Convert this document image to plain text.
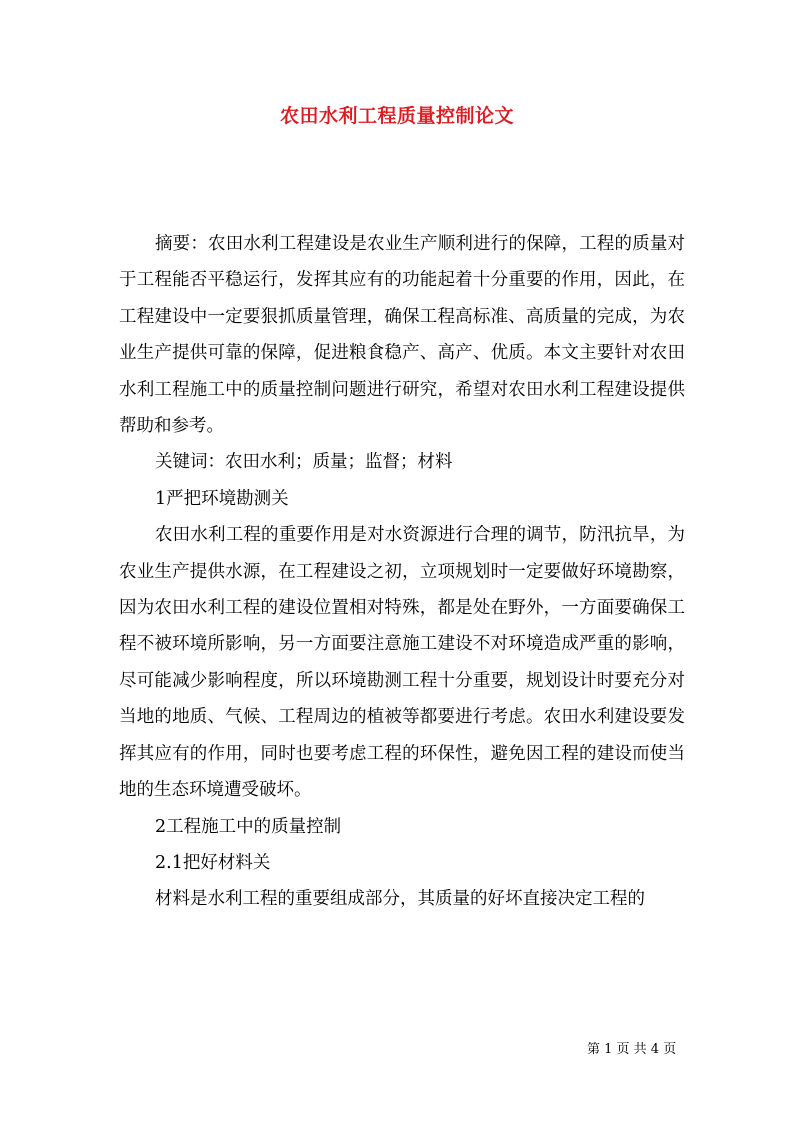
农田水利工程质量控制论文

摘要：农田水利工程建设是农业生产顺利进行的保障，工程的质量对于工程能否平稳运行，发挥其应有的功能起着十分重要的作用，因此，在工程建设中一定要狠抓质量管理，确保工程高标准、高质量的完成，为农业生产提供可靠的保障，促进粮食稳产、高产、优质。本文主要针对农田水利工程施工中的质量控制问题进行研究，希望对农田水利工程建设提供帮助和参考。

关键词：农田水利；质量；监督；材料

1严把环境勘测关

农田水利工程的重要作用是对水资源进行合理的调节，防汛抗旱，为农业生产提供水源，在工程建设之初，立项规划时一定要做好环境勘察，因为农田水利工程的建设位置相对特殊，都是处在野外，一方面要确保工程不被环境所影响，另一方面要注意施工建设不对环境造成严重的影响，尽可能减少影响程度，所以环境勘测工程十分重要，规划设计时要充分对当地的地质、气候、工程周边的植被等都要进行考虑。农田水利建设要发挥其应有的作用，同时也要考虑工程的环保性，避免因工程的建设而使当地的生态环境遭受破坏。

2工程施工中的质量控制

2.1把好材料关

材料是水利工程的重要组成部分，其质量的好坏直接决定工程的

第 1 页 共 4 页
